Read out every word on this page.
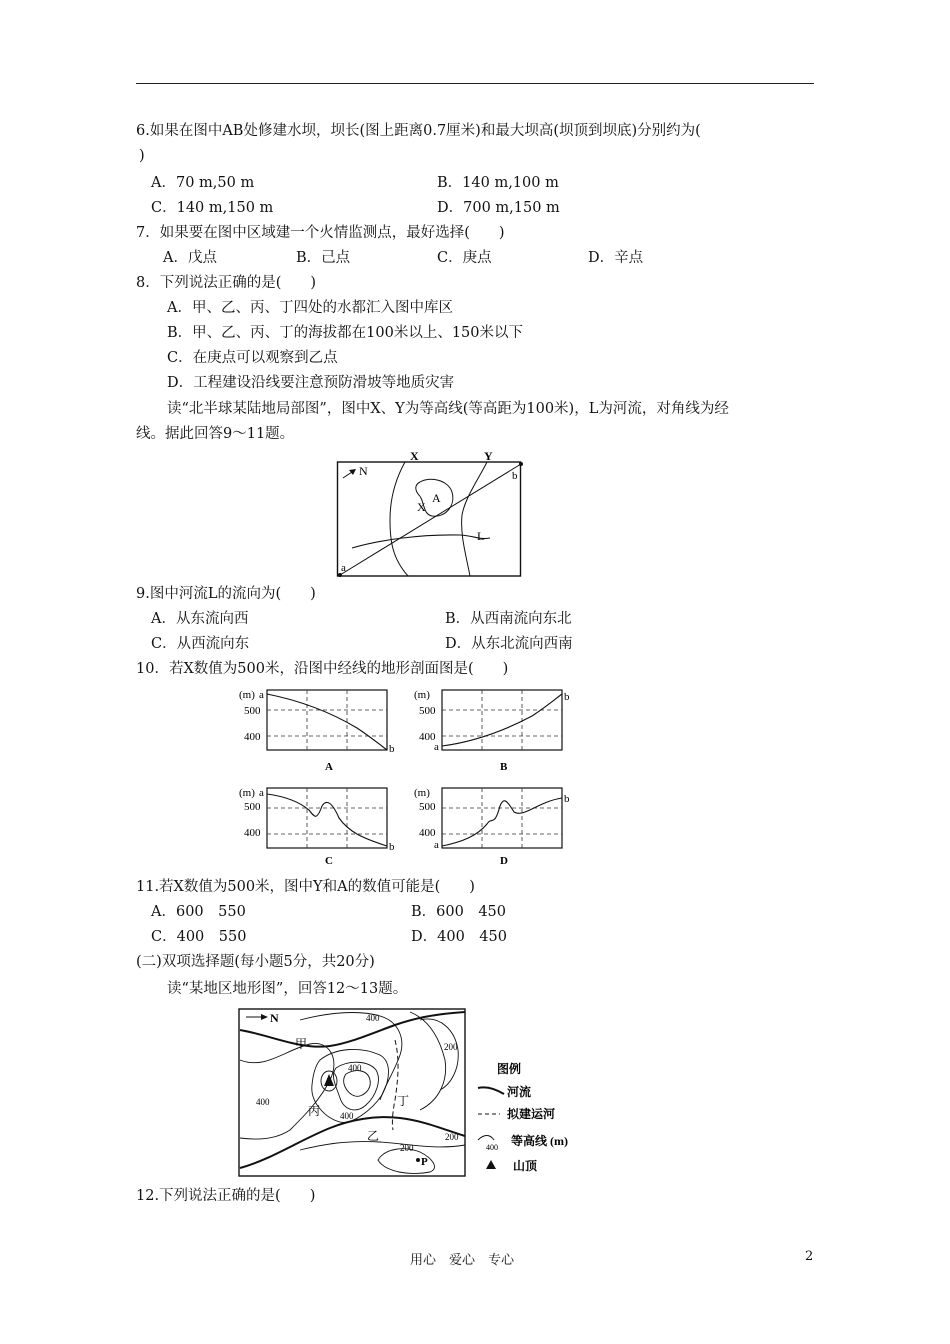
6.如果在图中AB处修建水坝，坝长(图上距离0.7厘米)和最大坝高(坝顶到坝底)分别约为(
)
A．70 m,50 m	B．140 m,100 m
C．140 m,150 m	D．700 m,150 m
7．如果要在图中区域建一个火情监测点，最好选择(　　)
A．戊点	B．己点	C．庚点	D．辛点
8．下列说法正确的是(　　)
A．甲、乙、丙、丁四处的水都汇入图中库区
B．甲、乙、丙、丁的海拔都在100米以上、150米以下
C．在庚点可以观察到乙点
D．工程建设沿线要注意预防滑坡等地质灾害
读“北半球某陆地局部图”，图中X、Y为等高线(等高距为100米)，L为河流，对角线为经
线。据此回答9～11题。
N
X	Y
b
a
A
X
L
9.图中河流L的流向为(　　)
A．从东流向西	B．从西南流向东北
C．从西流向东	D．从东北流向西南
10．若X数值为500米，沿图中经线的地形剖面图是(　　)
(m) a
500
400
b
A
(m)
500
400
a
b
B
(m) a
500
400
b
C
(m)
500
400
a
b
D
11.若X数值为500米，图中Y和A的数值可能是(　　)
A．600　550	B．600　450
C．400　550	D．400　450
(二)双项选择题(每小题5分，共20分)
读“某地区地形图”，回答12～13题。
N
甲
丙
丁
乙
P
400
400
400
400
200
200
200
图例
河流
拟建运河
400 等高线 (m)
山顶
12.下列说法正确的是(　　)
用心　爱心　专心	2
